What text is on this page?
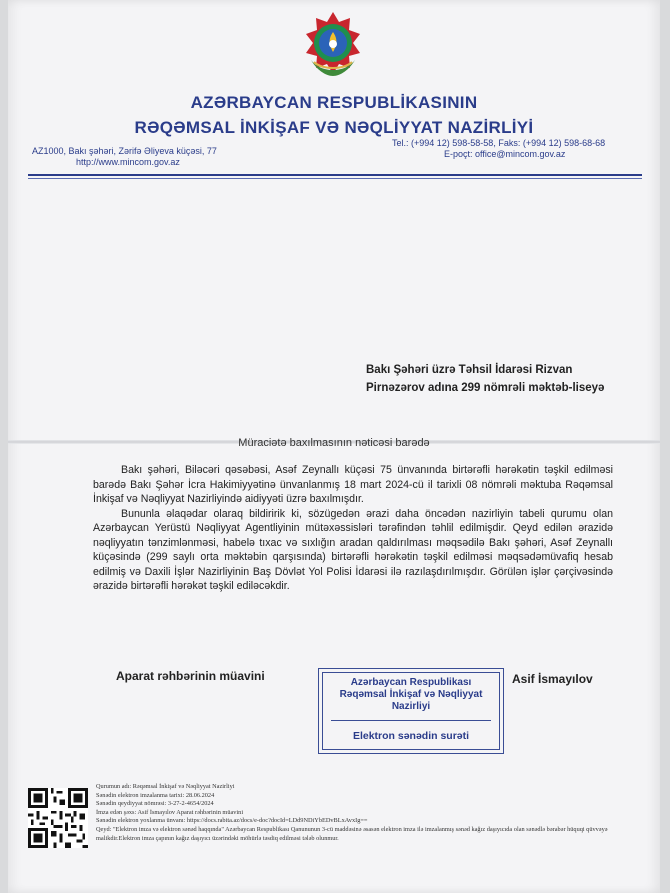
AZƏRBAYCAN RESPUBLİKASININ
RƏQƏMSAL İNKİŞAF VƏ NƏQLİYYAT NAZİRLİYİ
AZ1000, Bakı şəhəri, Zərifə Əliyeva küçəsi, 77
http://www.mincom.gov.az
Tel.: (+994 12) 598-58-58, Faks: (+994 12) 598-68-68
E-poçt: office@mincom.gov.az
Bakı Şəhəri üzrə Təhsil İdarəsi Rizvan Pirnəzərov adına 299 nömrəli məktəb-liseyə
Müraciətə baxılmasının nəticəsi barədə

Bakı şəhəri, Biləcəri qəsəbəsi, Asəf Zeynallı küçəsi 75 ünvanında birtərəfli hərəkətin təşkil edilməsi barədə Bakı Şəhər İcra Hakimiyyətinə ünvanlanmış 18 mart 2024-cü il tarixli 08 nömrəli məktuba Rəqəmsal İnkişaf və Nəqliyyat Nazirliyində aidiyyəti üzrə baxılmışdır.

Bununla əlaqədar olaraq bildiririk ki, sözügedən ərazi daha öncədən nazirliyin tabeli qurumu olan Azərbaycan Yerüstü Nəqliyyat Agentliyinin mütəxəssisləri tərəfindən təhlil edilmişdir. Qeyd edilən ərazidə nəqliyyatın tənzimlənməsi, habelə tıxac və sıxlığın aradan qaldırılması məqsədilə Bakı şəhəri, Asəf Zeynallı küçəsində (299 saylı orta məktəbin qarşısında) birtərəfli hərəkətin təşkil edilməsi məqsədəmüvafiq hesab edilmiş və Daxili İşlər Nazirliyinin Baş Dövlət Yol Polisi İdarəsi ilə razılaşdırılmışdır. Görülən işlər çərçivəsində ərazidə birtərəfli hərəkət təşkil ediləcəkdir.

Aparat rəhbərinin müavini	Asif İsmayılov
Azərbaycan Respublikası
Rəqəmsal İnkişaf və Nəqliyyat
Nazirliyi
Elektron sənədin surəti
Qurumun adı: Rəqəmsal İnkişaf və Nəqliyyat Nazirliyi
Sənədin elektron imzalanma tarixi: 28.06.2024
Sənədin qeydiyyat nömrəsi: 3-27-2-4654/2024
İmza edən şəxs: Asif İsmayılov Aparat rəhbərinin müavini
Sənədin elektron yoxlanma ünvanı: https://docs.rabita.az/docs/e-doc?docId=LDd9NDiYbEDvBLxAvxIg==
Qeyd: "Elektron imza və elektron sənəd haqqında" Azərbaycan Respublikası Qanununun 3-cü maddəsinə əsasən elektron imza ilə imzalanmış sənəd kağız daşıyıcıda olan sənədlə bərabər hüquqi qüvvəyə malikdir.Elektron imza çapının kağız daşıyıcı üzərindəki möhürlə təsdiq edilməsi tələb olunmur.
